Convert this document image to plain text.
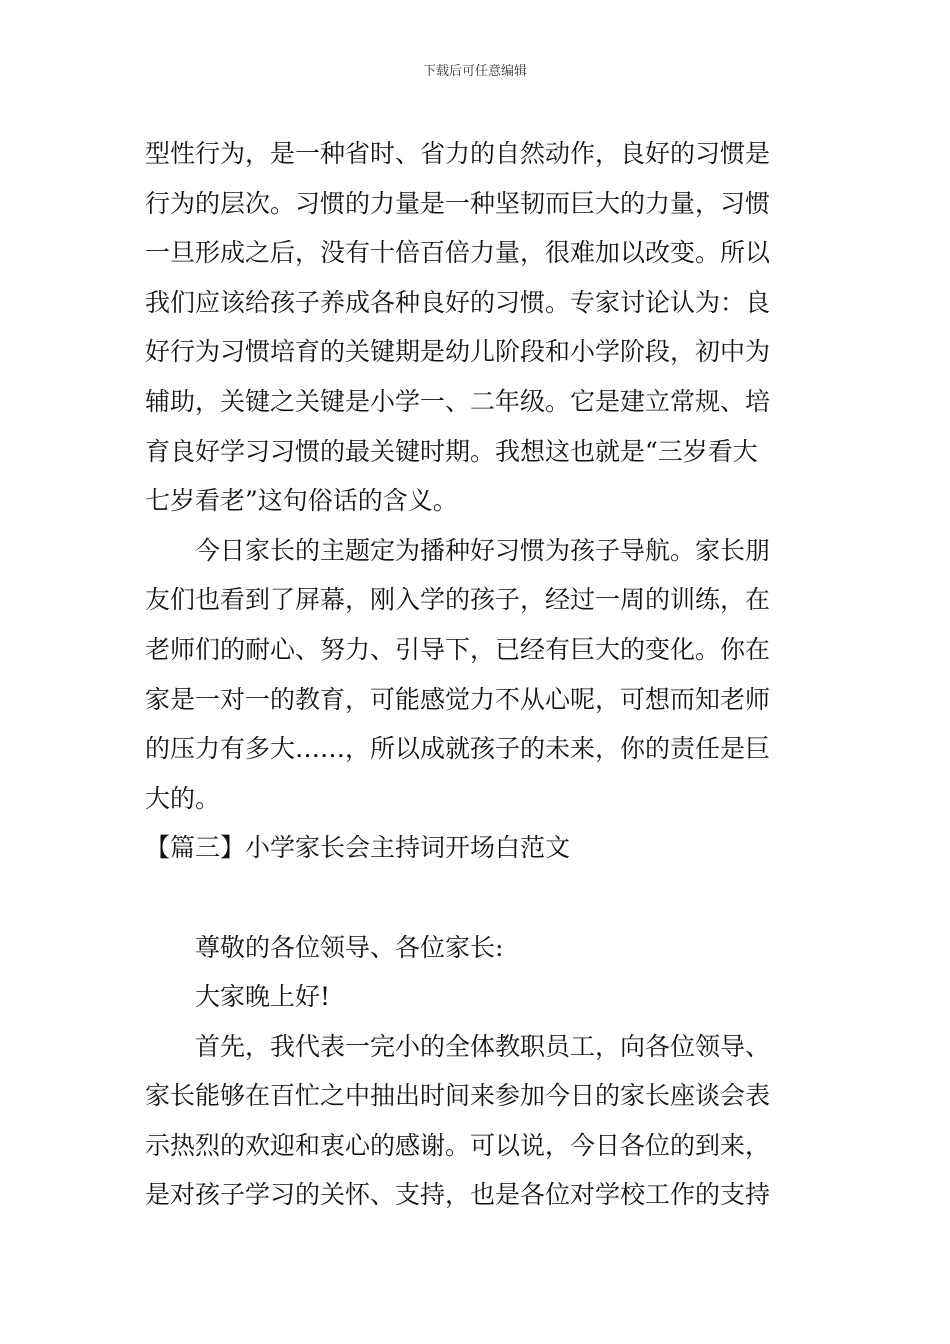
下载后可任意编辑
型性行为，是一种省时、省力的自然动作，良好的习惯是
行为的层次。习惯的力量是一种坚韧而巨大的力量，习惯
一旦形成之后，没有十倍百倍力量，很难加以改变。所以
我们应该给孩子养成各种良好的习惯。专家讨论认为：良
好行为习惯培育的关键期是幼儿阶段和小学阶段，初中为
辅助，关键之关键是小学一、二年级。它是建立常规、培
育良好学习习惯的最关键时期。我想这也就是“三岁看大
七岁看老”这句俗话的含义。
今日家长的主题定为播种好习惯为孩子导航。家长朋
友们也看到了屏幕，刚入学的孩子，经过一周的训练，在
老师们的耐心、努力、引导下，已经有巨大的变化。你在
家是一对一的教育，可能感觉力不从心呢，可想而知老师
的压力有多大……，所以成就孩子的未来，你的责任是巨
大的。
【篇三】小学家长会主持词开场白范文
尊敬的各位领导、各位家长:
大家晚上好!
首先，我代表一完小的全体教职员工，向各位领导、
家长能够在百忙之中抽出时间来参加今日的家长座谈会表
示热烈的欢迎和衷心的感谢。可以说，今日各位的到来，
是对孩子学习的关怀、支持，也是各位对学校工作的支持
